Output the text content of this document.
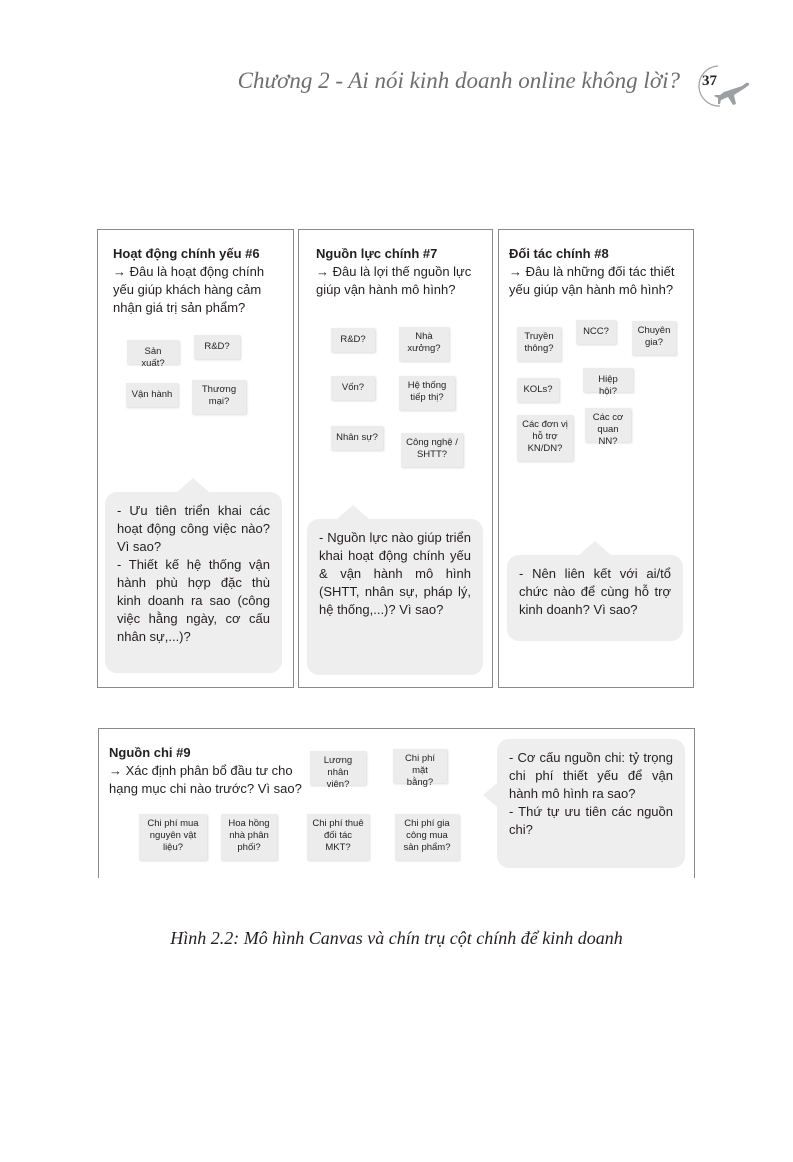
Chương 2 - Ai nói kinh doanh online không lời? 37
Hoạt động chính yếu #6
→ Đâu là hoạt động chính yếu giúp khách hàng cảm nhận giá trị sản phẩm?
Sản xuất?
R&D?
Vận hành	Thương mại?
- Ưu tiên triển khai các hoạt động công việc nào? Vì sao?
- Thiết kế hệ thống vận hành phù hợp đặc thù kinh doanh ra sao (công việc hằng ngày, cơ cấu nhân sự,...)?
Nguồn lực chính #7
→ Đâu là lợi thế nguồn lực giúp vận hành mô hình?
R&D?	Nhà xưởng?
Vốn?	Hệ thống tiếp thị?
Nhân sự?	Công nghệ / SHTT?
- Nguồn lực nào giúp triển khai hoạt động chính yếu & vận hành mô hình (SHTT, nhân sự, pháp lý, hệ thống,...)? Vì sao?
Đối tác chính #8
→ Đâu là những đối tác thiết yếu giúp vận hành mô hình?
Truyền thông?
NCC?	Chuyên gia?
Hiệp hội?
KOLs?
Các đơn vị hỗ trợ KN/DN?
Các cơ quan NN?
- Nên liên kết với ai/tổ chức nào để cùng hỗ trợ kinh doanh? Vì sao?
Nguồn chi #9
→ Xác định phân bổ đầu tư cho hạng mục chi nào trước? Vì sao?
Lương nhân viên?
Chi phí mặt bằng?
Chi phí mua nguyên vật liệu?
Hoa hồng nhà phân phối?
Chi phí thuê đối tác MKT?
Chi phí gia công mua sản phẩm?
- Cơ cấu nguồn chi: tỷ trọng chi phí thiết yếu để vận hành mô hình ra sao?
- Thứ tự ưu tiên các nguồn chi?
Hình 2.2: Mô hình Canvas và chín trụ cột chính để kinh doanh
